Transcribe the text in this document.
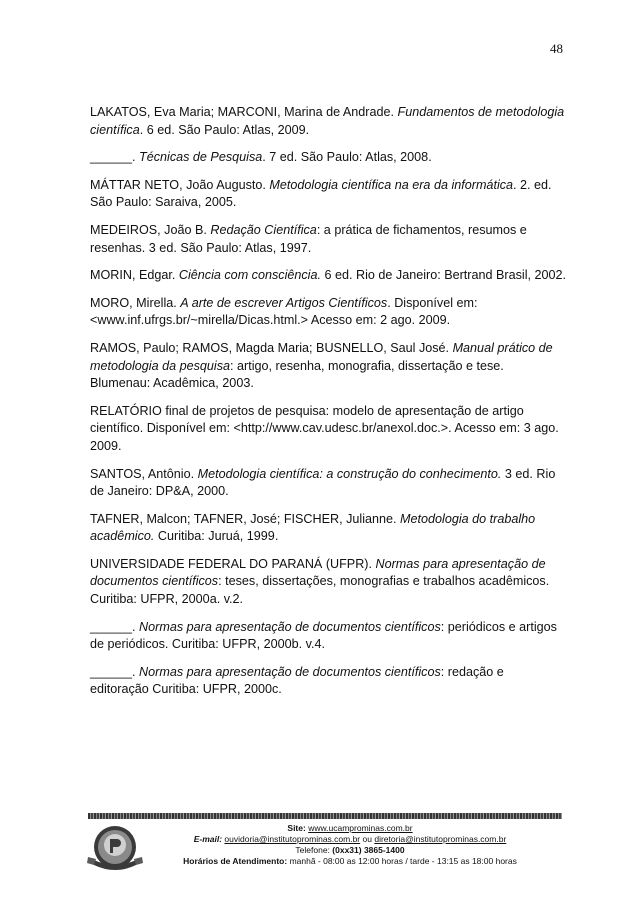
48

LAKATOS, Eva Maria; MARCONI, Marina de Andrade. Fundamentos de metodologia científica. 6 ed. São Paulo: Atlas, 2009.

______. Técnicas de Pesquisa. 7 ed. São Paulo: Atlas, 2008.

MÁTTAR NETO, João Augusto. Metodologia científica na era da informática. 2. ed. São Paulo: Saraiva, 2005.

MEDEIROS, João B. Redação Científica: a prática de fichamentos, resumos e resenhas. 3 ed. São Paulo: Atlas, 1997.

MORIN, Edgar. Ciência com consciência. 6 ed. Rio de Janeiro: Bertrand Brasil, 2002.

MORO, Mirella. A arte de escrever Artigos Científicos. Disponível em: <www.inf.ufrgs.br/~mirella/Dicas.html.> Acesso em: 2 ago. 2009.

RAMOS, Paulo; RAMOS, Magda Maria; BUSNELLO, Saul José. Manual prático de metodologia da pesquisa: artigo, resenha, monografia, dissertação e tese. Blumenau: Acadêmica, 2003.

RELATÓRIO final de projetos de pesquisa: modelo de apresentação de artigo científico. Disponível em: <http://www.cav.udesc.br/anexol.doc.>. Acesso em: 3 ago. 2009.

SANTOS, Antônio. Metodologia científica: a construção do conhecimento. 3 ed. Rio de Janeiro: DP&A, 2000.

TAFNER, Malcon; TAFNER, José; FISCHER, Julianne. Metodologia do trabalho acadêmico. Curitiba: Juruá, 1999.

UNIVERSIDADE FEDERAL DO PARANÁ (UFPR). Normas para apresentação de documentos científicos: teses, dissertações, monografias e trabalhos acadêmicos. Curitiba: UFPR, 2000a. v.2.

______. Normas para apresentação de documentos científicos: periódicos e artigos de periódicos. Curitiba: UFPR, 2000b. v.4.

______. Normas para apresentação de documentos científicos: redação e editoração Curitiba: UFPR, 2000c.

Site: www.ucamprominas.com.br
E-mail: ouvidoria@institutoprominas.com.br ou diretoria@institutoprominas.com.br
Telefone: (0xx31) 3865-1400
Horários de Atendimento: manhã - 08:00 as 12:00 horas / tarde - 13:15 as 18:00 horas
